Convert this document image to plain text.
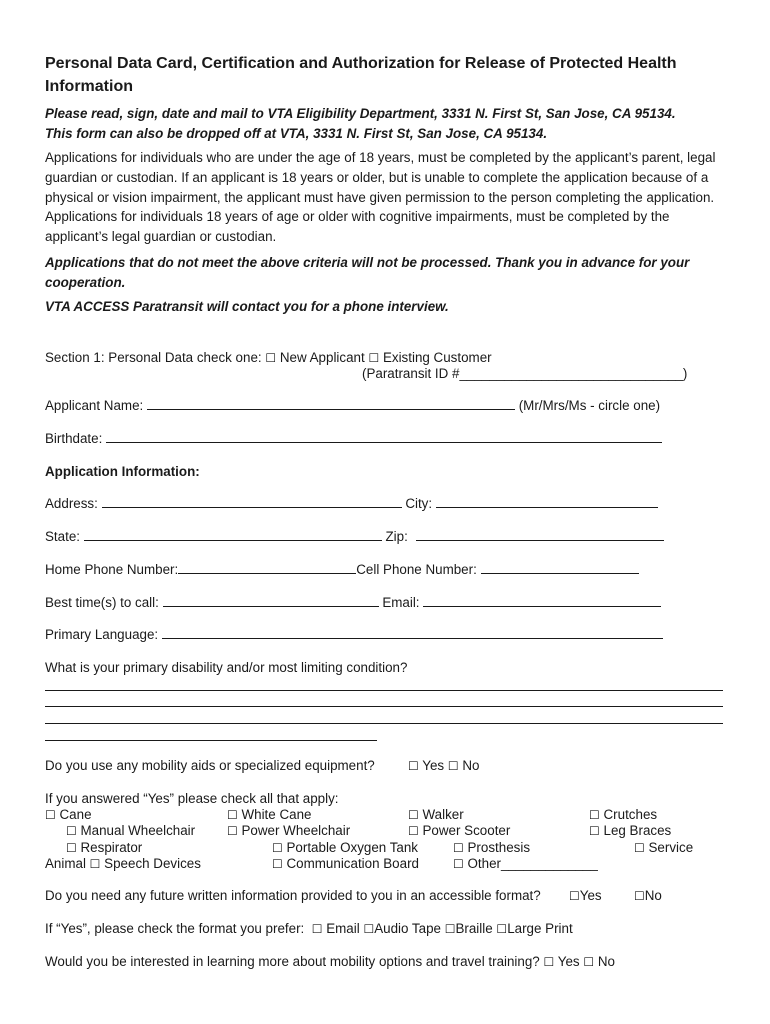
Personal Data Card, Certification and Authorization for Release of Protected Health Information
Please read, sign, date and mail to VTA Eligibility Department, 3331 N. First St, San Jose, CA 95134.
This form can also be dropped off at VTA, 3331 N. First St, San Jose, CA 95134.
Applications for individuals who are under the age of 18 years, must be completed by the applicant’s parent, legal guardian or custodian. If an applicant is 18 years or older, but is unable to complete the application because of a physical or vision impairment, the applicant must have given permission to the person completing the application. Applications for individuals 18 years of age or older with cognitive impairments, must be completed by the applicant’s legal guardian or custodian.
Applications that do not meet the above criteria will not be processed. Thank you in advance for your cooperation.
VTA ACCESS Paratransit will contact you for a phone interview.
Section 1: Personal Data check one: ☐ New Applicant ☐ Existing Customer
(Paratransit ID #______________________________)
Applicant Name:	(Mr/Mrs/Ms - circle one)
Birthdate:
Application Information:
Address:	City:
State:	Zip:
Home Phone Number:	Cell Phone Number:
Best time(s) to call:	Email:
Primary Language:
What is your primary disability and/or most limiting condition?
Do you use any mobility aids or specialized equipment?	☐ Yes ☐ No
If you answered “Yes” please check all that apply:
☐ Cane	☐ White Cane	☐ Walker	☐ Crutches
☐ Manual Wheelchair	☐ Power Wheelchair	☐ Power Scooter	☐ Leg Braces
☐ Respirator	☐ Portable Oxygen Tank	☐ Prosthesis	☐ Service
Animal ☐ Speech Devices	☐ Communication Board	☐ Other_____________
Do you need any future written information provided to you in an accessible format? ☐Yes	☐No
If “Yes”, please check the format you prefer: ☐ Email ☐Audio Tape ☐Braille ☐Large Print
Would you be interested in learning more about mobility options and travel training? ☐ Yes ☐ No
